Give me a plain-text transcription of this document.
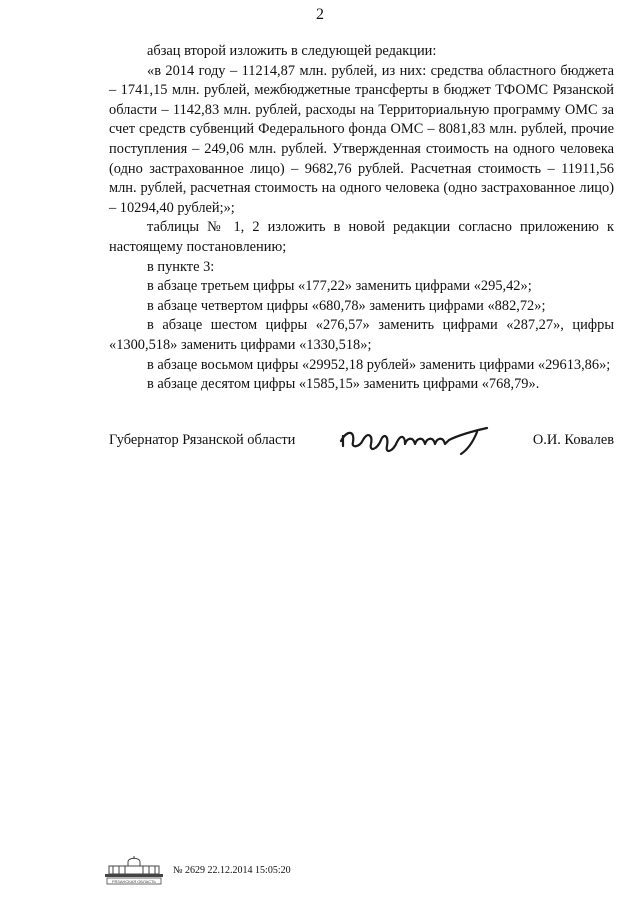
2

абзац второй изложить в следующей редакции:

«в 2014 году – 11214,87 млн. рублей, из них: средства областного бюджета – 1741,15 млн. рублей, межбюджетные трансферты в бюджет ТФОМС Рязанской области – 1142,83 млн. рублей, расходы на Территориальную программу ОМС за счет средств субвенций Федерального фонда ОМС – 8081,83 млн. рублей, прочие поступления – 249,06 млн. рублей. Утвержденная стоимость на одного человека (одно застрахованное лицо) – 9682,76 рублей. Расчетная стоимость – 11911,56 млн. рублей, расчетная стоимость на одного человека (одно застрахованное лицо) – 10294,40 рублей;»;

таблицы № 1, 2 изложить в новой редакции согласно приложению к настоящему постановлению;

в пункте 3:

в абзаце третьем цифры «177,22» заменить цифрами «295,42»;

в абзаце четвертом цифры «680,78» заменить цифрами «882,72»;

в абзаце шестом цифры «276,57» заменить цифрами «287,27», цифры «1300,518» заменить цифрами «1330,518»;

в абзаце восьмом цифры «29952,18 рублей» заменить цифрами «29613,86»;

в абзаце десятом цифры «1585,15» заменить цифрами «768,79».

Губернатор Рязанской области	О.И. Ковалев
РЯЗАНСКАЯ ОБЛАСТЬ
№ 2629 22.12.2014 15:05:20
